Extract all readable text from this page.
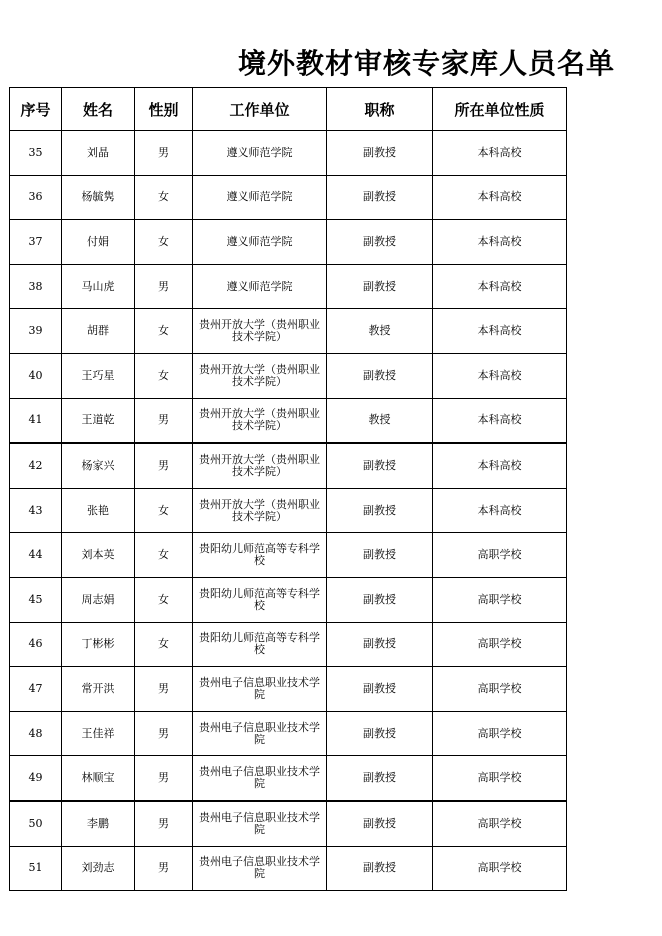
境外教材审核专家库人员名单
序号	姓名	性别	工作单位	职称	所在单位性质
35	刘晶	男	遵义师范学院	副教授	本科高校
36	杨毓隽	女	遵义师范学院	副教授	本科高校
37	付娟	女	遵义师范学院	副教授	本科高校
38	马山虎	男	遵义师范学院	副教授	本科高校
39	胡群	女	贵州开放大学（贵州职业技术学院）	教授	本科高校
40	王巧星	女	贵州开放大学（贵州职业技术学院）	副教授	本科高校
41	王道乾	男	贵州开放大学（贵州职业技术学院）	教授	本科高校
42	杨家兴	男	贵州开放大学（贵州职业技术学院）	副教授	本科高校
43	张艳	女	贵州开放大学（贵州职业技术学院）	副教授	本科高校
44	刘本英	女	贵阳幼儿师范高等专科学校	副教授	高职学校
45	周志娟	女	贵阳幼儿师范高等专科学校	副教授	高职学校
46	丁彬彬	女	贵阳幼儿师范高等专科学校	副教授	高职学校
47	常开洪	男	贵州电子信息职业技术学院	副教授	高职学校
48	王佳祥	男	贵州电子信息职业技术学院	副教授	高职学校
49	林顺宝	男	贵州电子信息职业技术学院	副教授	高职学校
50	李鹏	男	贵州电子信息职业技术学院	副教授	高职学校
51	刘劲志	男	贵州电子信息职业技术学院	副教授	高职学校
